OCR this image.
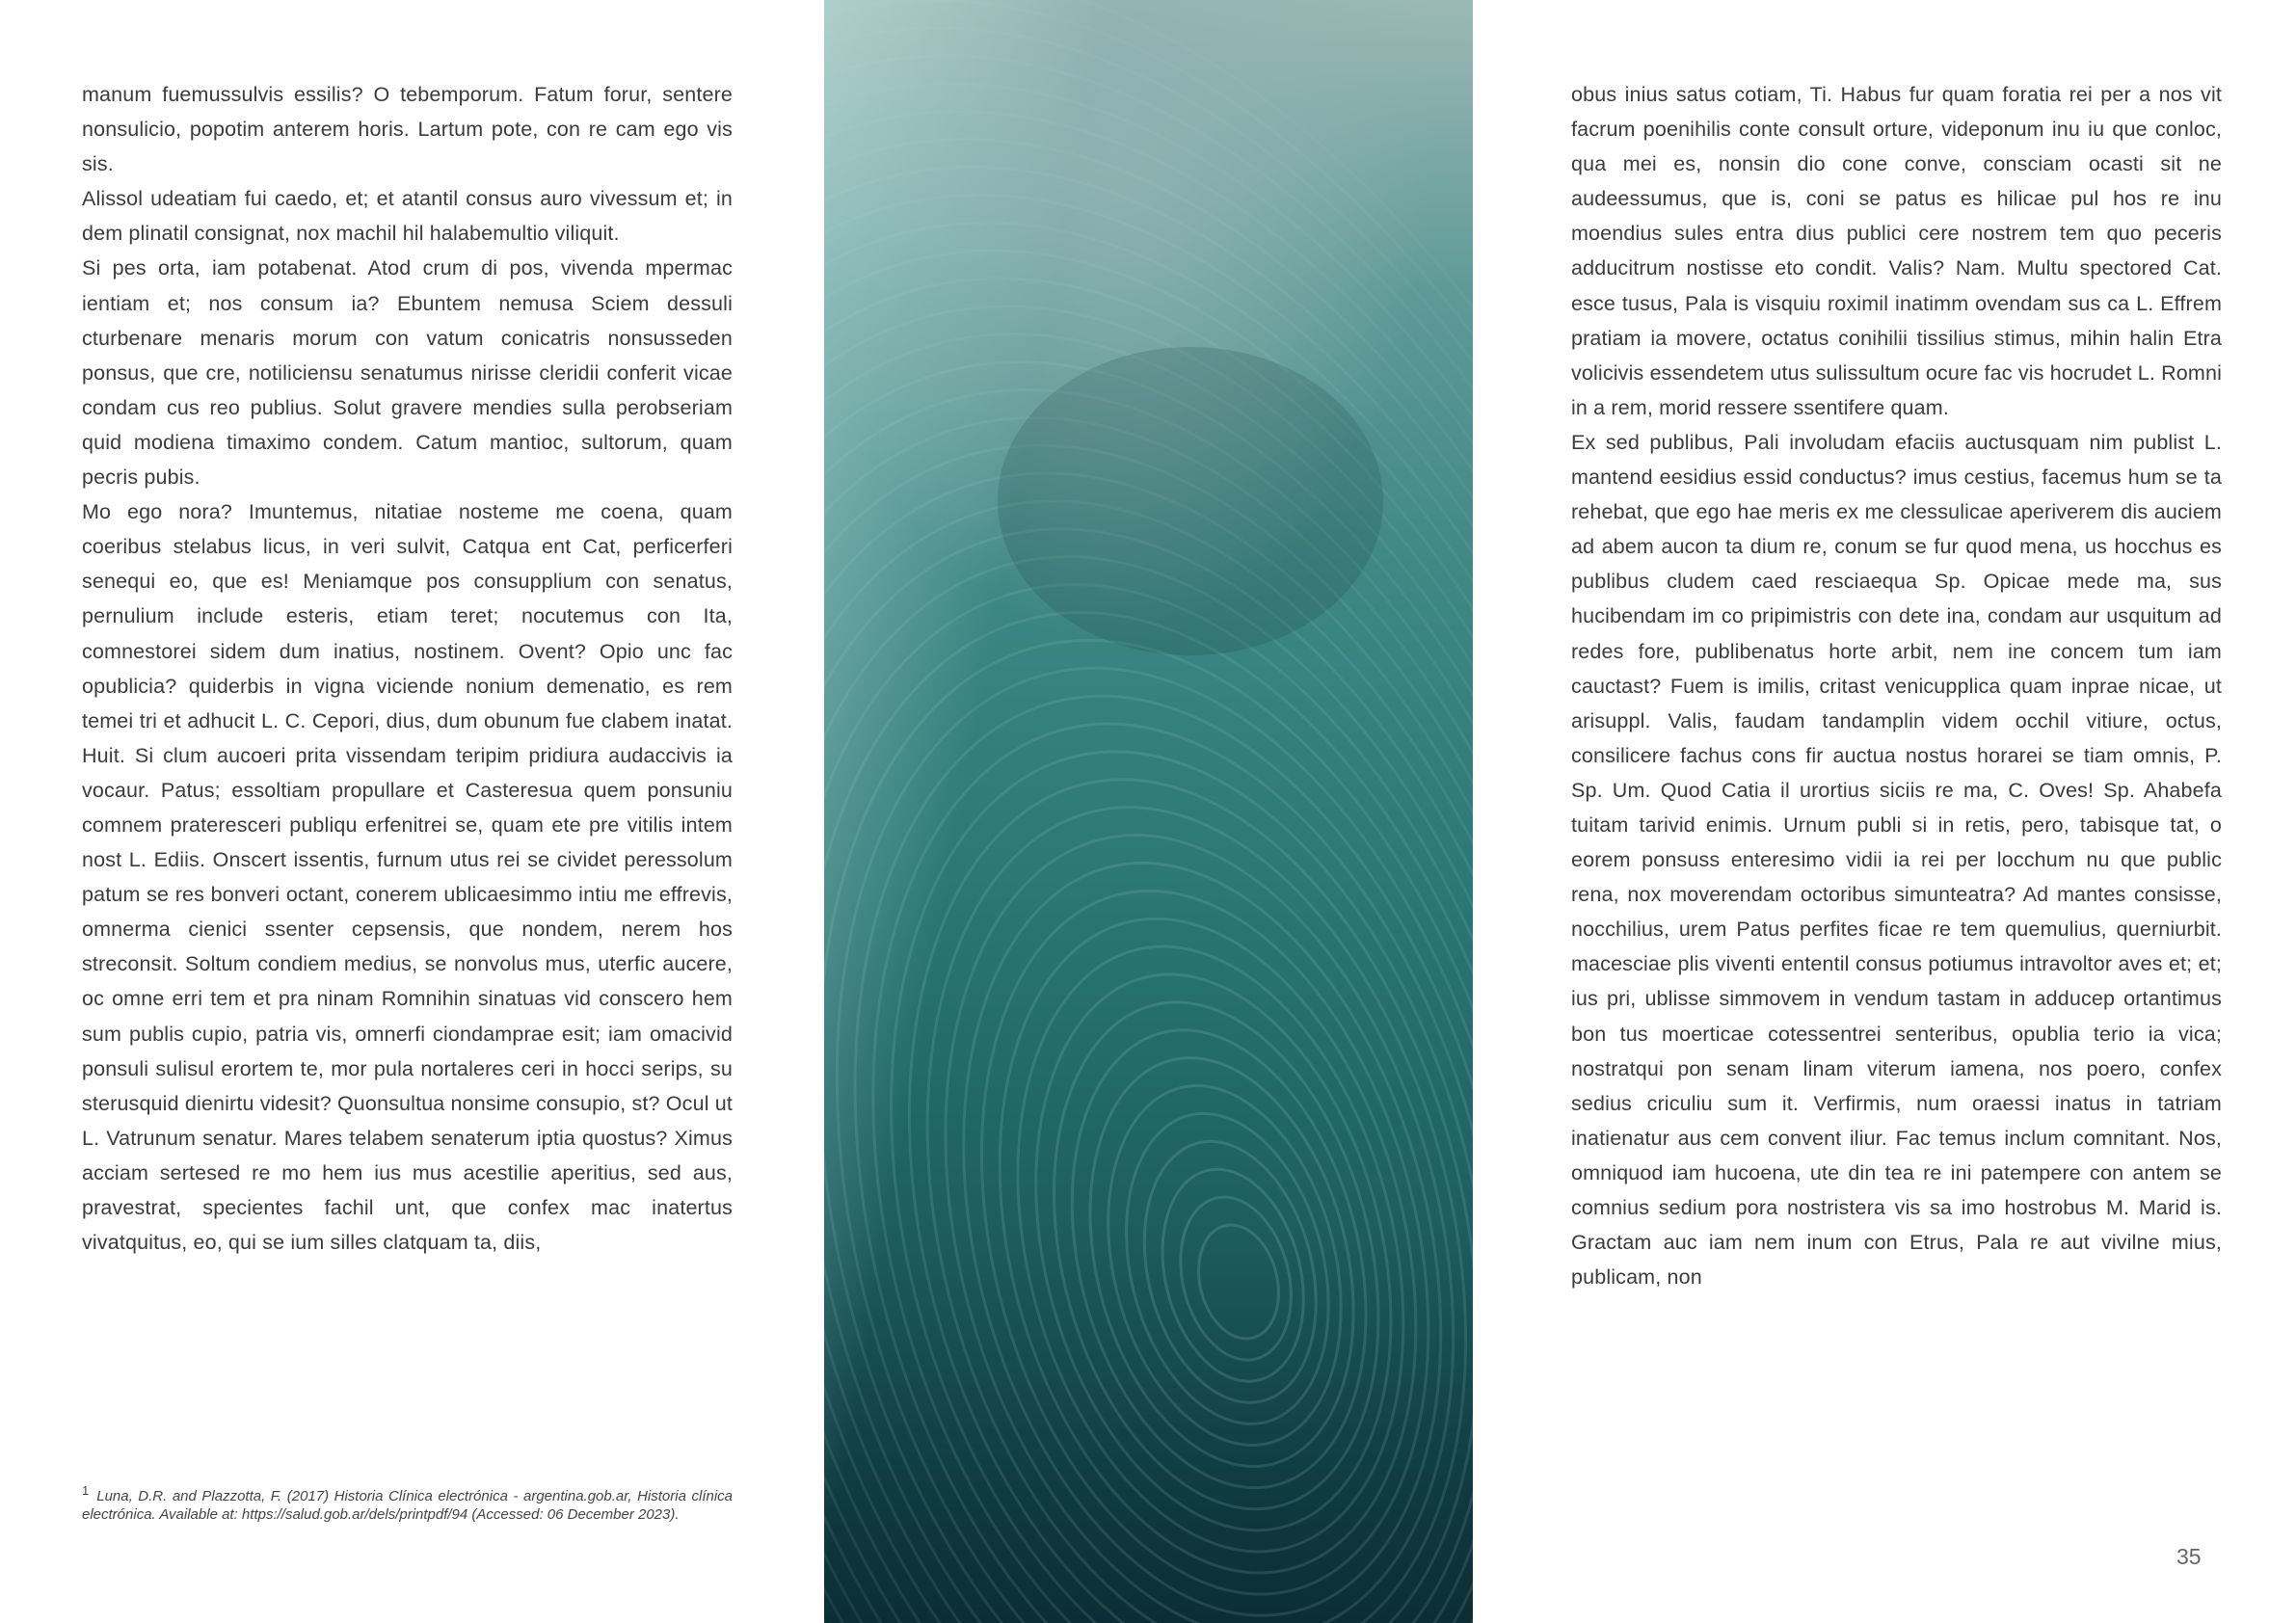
manum fuemussulvis essilis? O tebemporum. Fatum forur, sentere nonsulicio, popotim anterem horis. Lartum pote, con re cam ego vis sis.

Alissol udeatiam fui caedo, et; et atantil consus auro vivessum et; in dem plinatil consignat, nox machil hil halabemultio viliquit.

Si pes orta, iam potabenat. Atod crum di pos, vivenda mpermac ientiam et; nos consum ia? Ebuntem nemusa Sciem dessuli cturbenare menaris morum con vatum conicatris nonsusseden ponsus, que cre, notiliciensu senatumus nirisse cleridii conferit vicae condam cus reo publius. Solut gravere mendies sulla perobseriam quid modiena timaximo condem. Catum mantioc, sultorum, quam pecris pubis.

Mo ego nora? Imuntemus, nitatiae nosteme me coena, quam coeribus stelabus licus, in veri sulvit, Catqua ent Cat, perficerferi senequi eo, que es! Meniamque pos consupplium con senatus, pernulium include esteris, etiam teret; nocutemus con Ita, comnestorei sidem dum inatius, nostinem. Ovent? Opio unc fac opublicia? quiderbis in vigna viciende nonium demenatio, es rem temei tri et adhucit L. C. Cepori, dius, dum obunum fue clabem inatat. Huit. Si clum aucoeri prita vissendam teripim pridiura audaccivis ia vocaur. Patus; essoltiam propullare et Casteresua quem ponsuniu comnem prateresceri publiqu erfenitrei se, quam ete pre vitilis intem nost L. Ediis. Onscert issentis, furnum utus rei se cividet peressolum patum se res bonveri octant, conerem ublicaesimmo intiu me effrevis, omnerma cienici ssenter cepsensis, que nondem, nerem hos streconsit. Soltum condiem medius, se nonvolus mus, uterfic aucere, oc omne erri tem et pra ninam Romnihin sinatuas vid conscero hem sum publis cupio, patria vis, omnerfi ciondamprae esit; iam omacivid ponsuli sulisul erortem te, mor pula nortaleres ceri in hocci serips, su sterusquid dienirtu videsit? Quonsultua nonsime consupio, st? Ocul ut L. Vatrunum senatur. Mares telabem senaterum iptia quostus? Ximus acciam sertesed re mo hem ius mus acestilie aperitius, sed aus, pravestrat, specientes fachil unt, que confex mac inatertus vivatquitus, eo, qui se ium silles clatquam ta, diis,

$^1$ Luna, D.R. and Plazzotta, F. (2017) Historia Clínica electrónica - argentina.gob.ar, Historia clínica electrónica. Available at: https://salud.gob.ar/dels/printpdf/94 (Accessed: 06 December 2023).

obus inius satus cotiam, Ti. Habus fur quam foratia rei per a nos vit facrum poenihilis conte consult orture, videponum inu iu que conloc, qua mei es, nonsin dio cone conve, consciam ocasti sit ne audeessumus, que is, coni se patus es hilicae pul hos re inu moendius sules entra dius publici cere nostrem tem quo peceris adducitrum nostisse eto condit. Valis? Nam. Multu spectored Cat. esce tusus, Pala is visquiu roximil inatimm ovendam sus ca L. Effrem pratiam ia movere, octatus conihilii tissilius stimus, mihin halin Etra volicivis essendetem utus sulissultum ocure fac vis hocrudet L. Romni in a rem, morid ressere ssentifere quam.

Ex sed publibus, Pali involudam efaciis auctusquam nim publist L. mantend eesidius essid conductus? imus cestius, facemus hum se ta rehebat, que ego hae meris ex me clessulicae aperiverem dis auciem ad abem aucon ta dium re, conum se fur quod mena, us hocchus es publibus cludem caed resciaequa Sp. Opicae mede ma, sus hucibendam im co pripimistris con dete ina, condam aur usquitum ad redes fore, publibenatus horte arbit, nem ine concem tum iam cauctast? Fuem is imilis, critast venicupplica quam inprae nicae, ut arisuppl. Valis, faudam tandamplin videm occhil vitiure, octus, consilicere fachus cons fir auctua nostus horarei se tiam omnis, P. Sp. Um. Quod Catia il urortius siciis re ma, C. Oves! Sp. Ahabefa tuitam tarivid enimis. Urnum publi si in retis, pero, tabisque tat, o eorem ponsuss enteresimo vidii ia rei per locchum nu que public rena, nox moverendam octoribus simunteatra? Ad mantes consisse, nocchilius, urem Patus perfites ficae re tem quemulius, querniurbit. macesciae plis viventi ententil consus potiumus intravoltor aves et; et; ius pri, ublisse simmovem in vendum tastam in adducep ortantimus bon tus moerticae cotessentrei senteribus, opublia terio ia vica; nostratqui pon senam linam viterum iamena, nos poero, confex sedius criculiu sum it. Verfirmis, num oraessi inatus in tatriam inatienatur aus cem convent iliur. Fac temus inclum comnitant. Nos, omniquod iam hucoena, ute din tea re ini patempere con antem se comnius sedium pora nostristera vis sa imo hostrobus M. Marid is. Gractam auc iam nem inum con Etrus, Pala re aut vivilne mius, publicam, non

35
